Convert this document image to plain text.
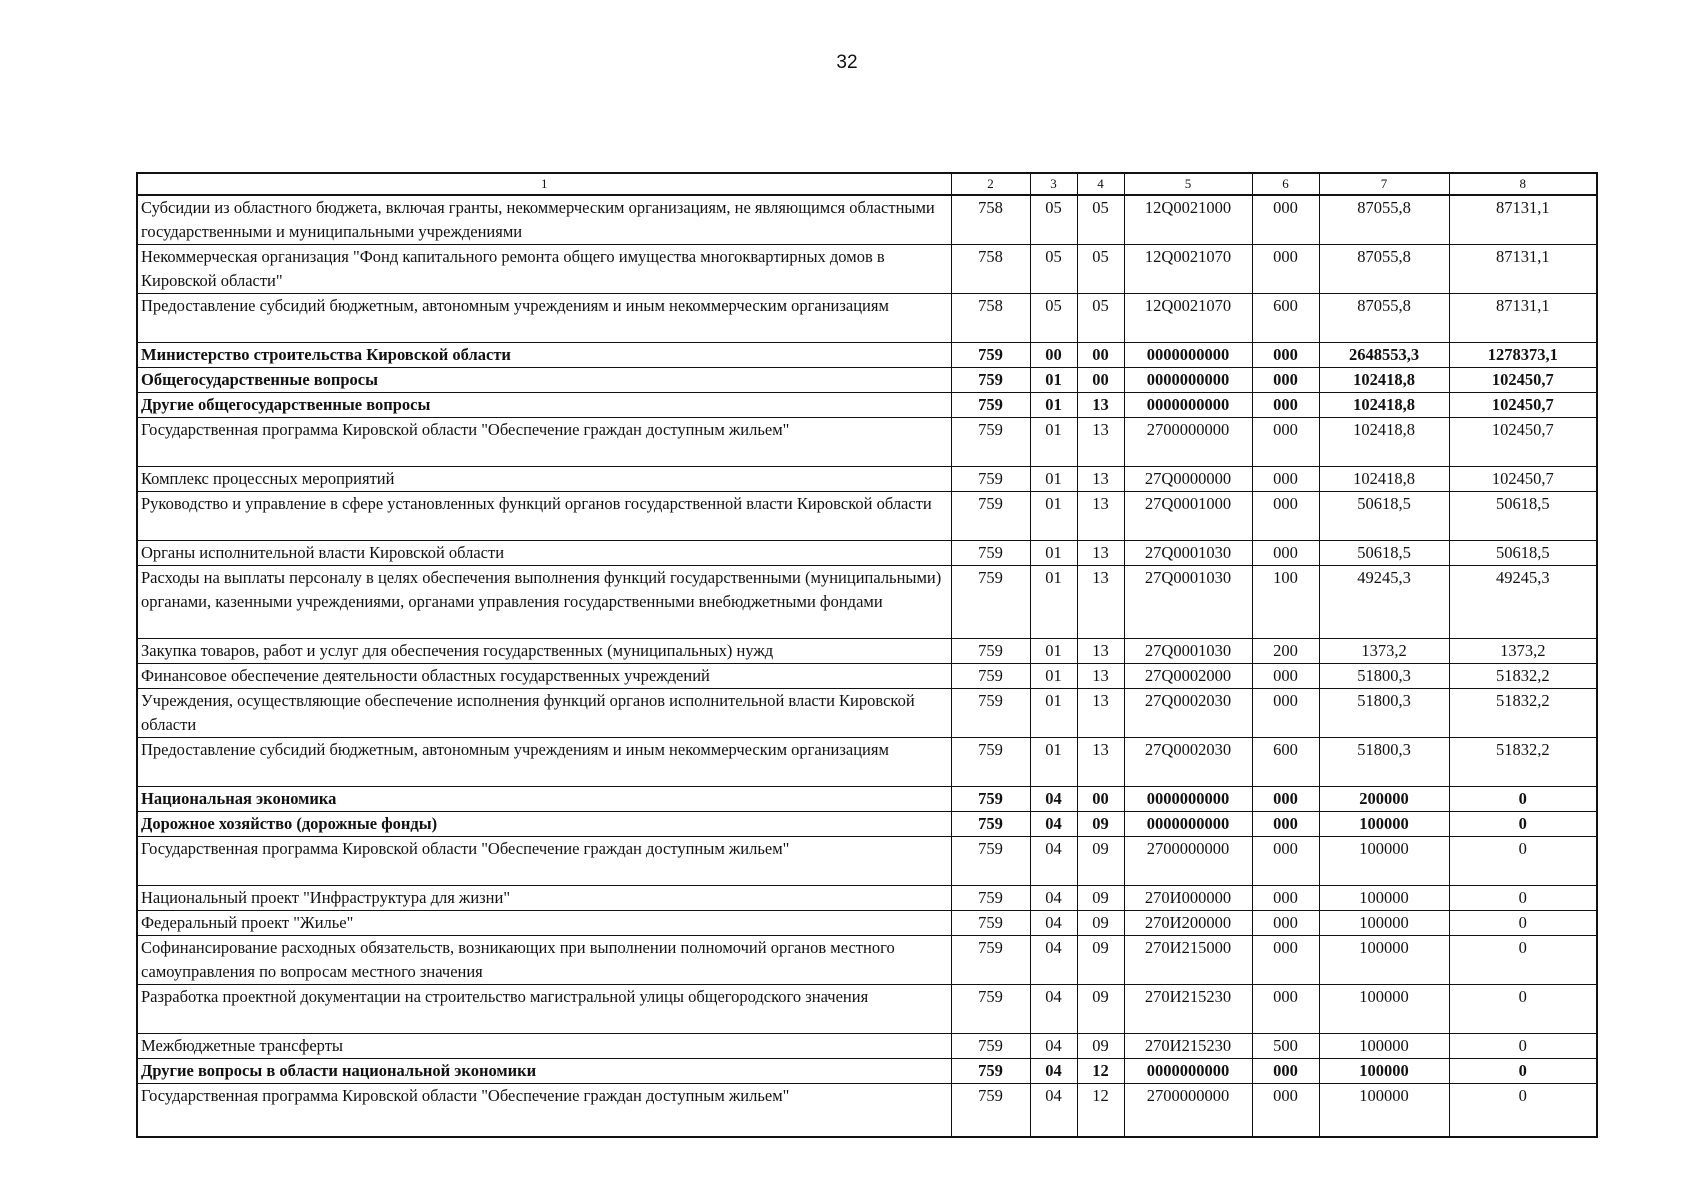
32
1	2	3	4	5	6	7	8
Субсидии из областного бюджета, включая гранты, некоммерческим организациям, не являющимся областными государственными и муниципальными учреждениями	758	05	05	12Q0021000	000	87055,8	87131,1
Некоммерческая организация "Фонд капитального ремонта общего имущества многоквартирных домов в Кировской области"	758	05	05	12Q0021070	000	87055,8	87131,1
Предоставление субсидий бюджетным, автономным учреждениям и иным некоммерческим организациям	758	05	05	12Q0021070	600	87055,8	87131,1
Министерство строительства Кировской области	759	00	00	0000000000	000	2648553,3	1278373,1
Общегосударственные вопросы	759	01	00	0000000000	000	102418,8	102450,7
Другие общегосударственные вопросы	759	01	13	0000000000	000	102418,8	102450,7
Государственная программа Кировской области "Обеспечение граждан доступным жильем"	759	01	13	2700000000	000	102418,8	102450,7
Комплекс процессных мероприятий	759	01	13	27Q0000000	000	102418,8	102450,7
Руководство и управление в сфере установленных функций органов государственной власти Кировской области	759	01	13	27Q0001000	000	50618,5	50618,5
Органы исполнительной власти Кировской области	759	01	13	27Q0001030	000	50618,5	50618,5
Расходы на выплаты персоналу в целях обеспечения выполнения функций государственными (муниципальными) органами, казенными учреждениями, органами управления государственными внебюджетными фондами	759	01	13	27Q0001030	100	49245,3	49245,3
Закупка товаров, работ и услуг для обеспечения государственных (муниципальных) нужд	759	01	13	27Q0001030	200	1373,2	1373,2
Финансовое обеспечение деятельности областных государственных учреждений	759	01	13	27Q0002000	000	51800,3	51832,2
Учреждения, осуществляющие обеспечение исполнения функций органов исполнительной власти Кировской области	759	01	13	27Q0002030	000	51800,3	51832,2
Предоставление субсидий бюджетным, автономным учреждениям и иным некоммерческим организациям	759	01	13	27Q0002030	600	51800,3	51832,2
Национальная экономика	759	04	00	0000000000	000	200000	0
Дорожное хозяйство (дорожные фонды)	759	04	09	0000000000	000	100000	0
Государственная программа Кировской области "Обеспечение граждан доступным жильем"	759	04	09	2700000000	000	100000	0
Национальный проект "Инфраструктура для жизни"	759	04	09	270И000000	000	100000	0
Федеральный проект "Жилье"	759	04	09	270И200000	000	100000	0
Софинансирование расходных обязательств, возникающих при выполнении полномочий органов местного самоуправления по вопросам местного значения	759	04	09	270И215000	000	100000	0
Разработка проектной документации на строительство магистральной улицы общегородского значения	759	04	09	270И215230	000	100000	0
Межбюджетные трансферты	759	04	09	270И215230	500	100000	0
Другие вопросы в области национальной экономики	759	04	12	0000000000	000	100000	0
Государственная программа Кировской области "Обеспечение граждан доступным жильем"	759	04	12	2700000000	000	100000	0
